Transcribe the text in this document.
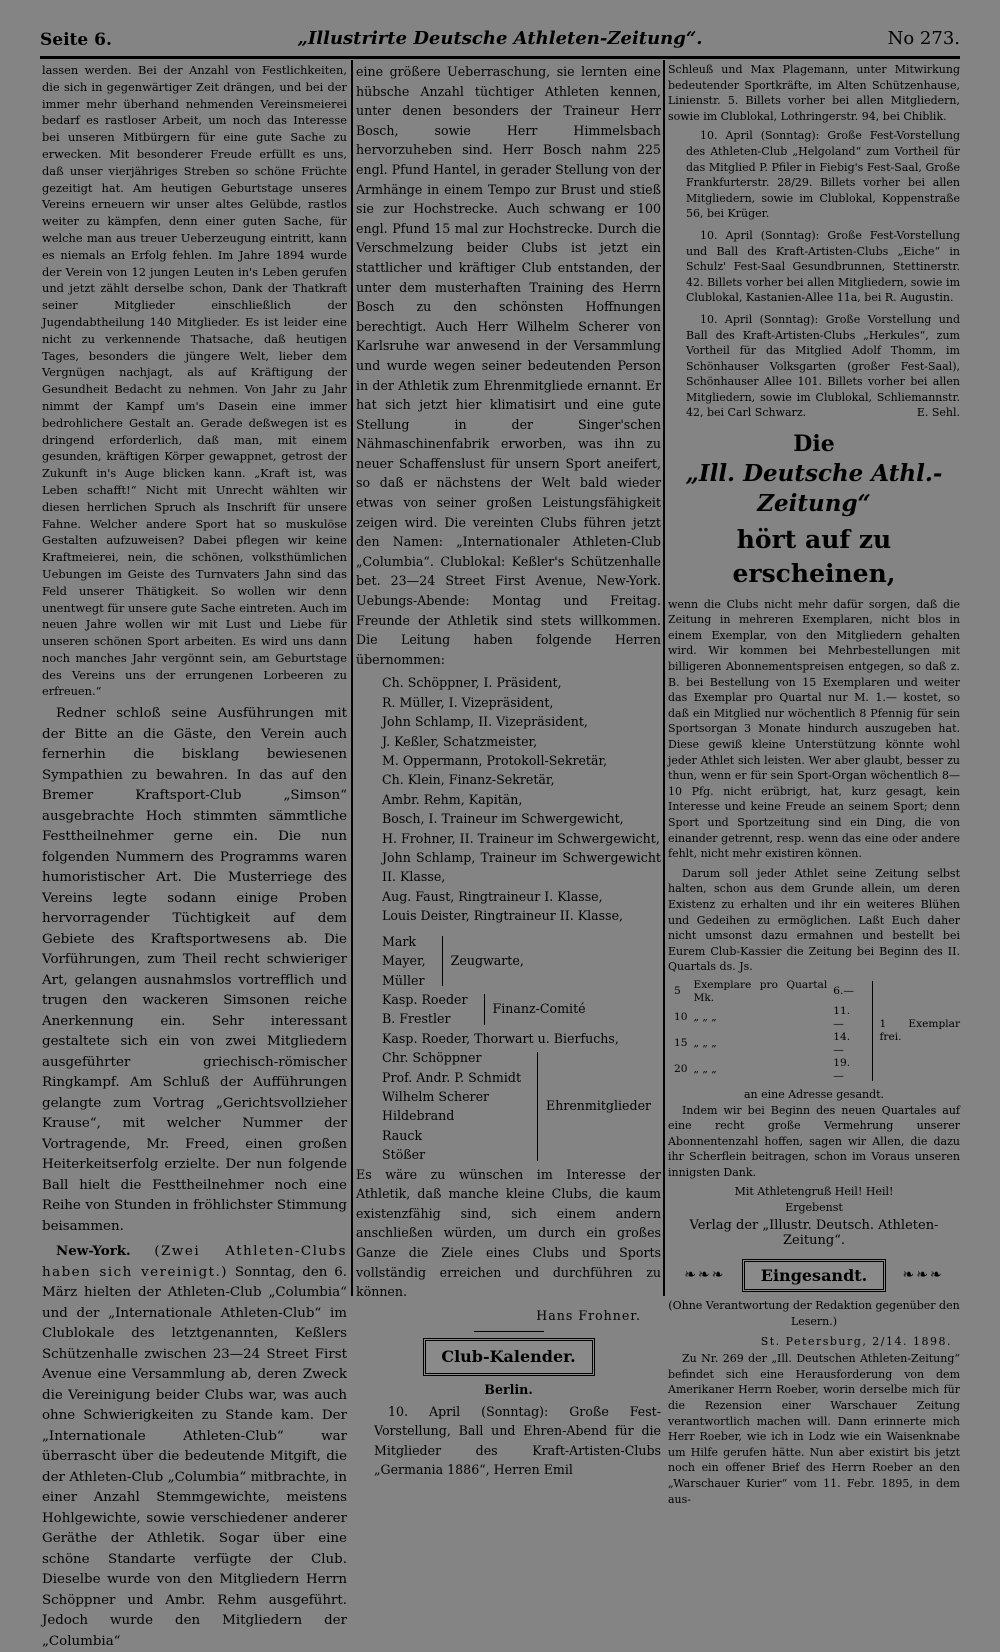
Seite 6.	„Illustrirte Deutsche Athleten-Zeitung“.	No 273.

lassen werden. Bei der Anzahl von Festlichkeiten, die sich in gegenwärtiger Zeit drängen, und bei der immer mehr überhand nehmenden Vereinsmeierei bedarf es rastloser Arbeit, um noch das Interesse bei unseren Mitbürgern für eine gute Sache zu erwecken. Mit besonderer Freude erfüllt es uns, daß unser vierjähriges Streben so schöne Früchte gezeitigt hat. Am heutigen Geburtstage unseres Vereins erneuern wir unser altes Gelübde, rastlos weiter zu kämpfen, denn einer guten Sache, für welche man aus treuer Ueberzeugung eintritt, kann es niemals an Erfolg fehlen. Im Jahre 1894 wurde der Verein von 12 jungen Leuten in's Leben gerufen und jetzt zählt derselbe schon, Dank der Thatkraft seiner Mitglieder einschließlich der Jugendabtheilung 140 Mitglieder. Es ist leider eine nicht zu verkennende Thatsache, daß heutigen Tages, besonders die jüngere Welt, lieber dem Vergnügen nachjagt, als auf Kräftigung der Gesundheit Bedacht zu nehmen. Von Jahr zu Jahr nimmt der Kampf um's Dasein eine immer bedrohlichere Gestalt an. Gerade deßwegen ist es dringend erforderlich, daß man, mit einem gesunden, kräftigen Körper gewappnet, getrost der Zukunft in's Auge blicken kann. „Kraft ist, was Leben schafft!“ Nicht mit Unrecht wählten wir diesen herrlichen Spruch als Inschrift für unsere Fahne. Welcher andere Sport hat so muskulöse Gestalten aufzuweisen? Dabei pflegen wir keine Kraftmeierei, nein, die schönen, volksthümlichen Uebungen im Geiste des Turnvaters Jahn sind das Feld unserer Thätigkeit. So wollen wir denn unentwegt für unsere gute Sache eintreten. Auch im neuen Jahre wollen wir mit Lust und Liebe für unseren schönen Sport arbeiten. Es wird uns dann noch manches Jahr vergönnt sein, am Geburtstage des Vereins uns der errungenen Lorbeeren zu erfreuen.“

Redner schloß seine Ausführungen mit der Bitte an die Gäste, den Verein auch fernerhin die bisklang bewiesenen Sympathien zu bewahren. In das auf den Bremer Kraftsport-Club „Simson“ ausgebrachte Hoch stimmten sämmtliche Festtheilnehmer gerne ein. Die nun folgenden Nummern des Programms waren humoristischer Art. Die Musterriege des Vereins legte sodann einige Proben hervorragender Tüchtigkeit auf dem Gebiete des Kraftsportwesens ab. Die Vorführungen, zum Theil recht schwieriger Art, gelangen ausnahmslos vortrefflich und trugen den wackeren Simsonen reiche Anerkennung ein. Sehr interessant gestaltete sich ein von zwei Mitgliedern ausgeführter griechisch-römischer Ringkampf. Am Schluß der Aufführungen gelangte zum Vortrag „Gerichtsvollzieher Krause“, mit welcher Nummer der Vortragende, Mr. Freed, einen großen Heiterkeitserfolg erzielte. Der nun folgende Ball hielt die Festtheilnehmer noch eine Reihe von Stunden in fröhlichster Stimmung beisammen.

New-York. (Zwei Athleten-Clubs haben sich vereinigt.) Sonntag, den 6. März hielten der Athleten-Club „Columbia“ und der „Internationale Athleten-Club“ im Clublokale des letztgenannten, Keßlers Schützenhalle zwischen 23—24 Street First Avenue eine Versammlung ab, deren Zweck die Vereinigung beider Clubs war, was auch ohne Schwierigkeiten zu Stande kam. Der „Internationale Athleten-Club“ war überrascht über die bedeutende Mitgift, die der Athleten-Club „Columbia“ mitbrachte, in einer Anzahl Stemmgewichte, meistens Hohlgewichte, sowie verschiedener anderer Geräthe der Athletik. Sogar über eine schöne Standarte verfügte der Club. Dieselbe wurde von den Mitgliedern Herrn Schöppner und Ambr. Rehm ausgeführt. Jedoch wurde den Mitgliedern der „Columbia“

eine größere Ueberraschung, sie lernten eine hübsche Anzahl tüchtiger Athleten kennen, unter denen besonders der Traineur Herr Bosch, sowie Herr Himmelsbach hervorzuheben sind. Herr Bosch nahm 225 engl. Pfund Hantel, in gerader Stellung von der Armhänge in einem Tempo zur Brust und stieß sie zur Hochstrecke. Auch schwang er 100 engl. Pfund 15 mal zur Hochstrecke. Durch die Verschmelzung beider Clubs ist jetzt ein stattlicher und kräftiger Club entstanden, der unter dem musterhaften Training des Herrn Bosch zu den schönsten Hoffnungen berechtigt. Auch Herr Wilhelm Scherer von Karlsruhe war anwesend in der Versammlung und wurde wegen seiner bedeutenden Person in der Athletik zum Ehrenmitgliede ernannt. Er hat sich jetzt hier klimatisirt und eine gute Stellung in der Singer'schen Nähmaschinenfabrik erworben, was ihn zu neuer Schaffenslust für unsern Sport aneifert, so daß er nächstens der Welt bald wieder etwas von seiner großen Leistungsfähigkeit zeigen wird. Die vereinten Clubs führen jetzt den Namen: „Internationaler Athleten-Club „Columbia“. Clublokal: Keßler's Schützenhalle bet. 23—24 Street First Avenue, New-York. Uebungs-Abende: Montag und Freitag. Freunde der Athletik sind stets willkommen. Die Leitung haben folgende Herren übernommen:

Ch. Schöppner, I. Präsident,
R. Müller, I. Vizepräsident,
John Schlamp, II. Vizepräsident,
J. Keßler, Schatzmeister,
M. Oppermann, Protokoll-Sekretär,
Ch. Klein, Finanz-Sekretär,
Ambr. Rehm, Kapitän,
Bosch, I. Traineur im Schwergewicht,
H. Frohner, II. Traineur im Schwergewicht,
John Schlamp, Traineur im Schwergewicht II. Klasse,
Aug. Faust, Ringtraineur I. Klasse,
Louis Deister, Ringtraineur II. Klasse,
Mark
Mayer,
Müller
Zeugwarte,
Kasp. Roeder
B. Frestler
Finanz-Comité
Kasp. Roeder, Thorwart u. Bierfuchs,
Chr. Schöppner
Prof. Andr. P. Schmidt
Wilhelm Scherer
Hildebrand
Rauck
Stößer
Ehrenmitglieder

Es wäre zu wünschen im Interesse der Athletik, daß manche kleine Clubs, die kaum existenzfähig sind, sich einem andern anschließen würden, um durch ein großes Ganze die Ziele eines Clubs und Sports vollständig erreichen und durchführen zu können.

Hans Frohner.
Club-Kalender.
Berlin.

10. April (Sonntag): Große Fest-Vorstellung, Ball und Ehren-Abend für die Mitglieder des Kraft-Artisten-Clubs „Germania 1886“, Herren Emil

Schleuß und Max Plagemann, unter Mitwirkung bedeutender Sportkräfte, im Alten Schützenhause, Linienstr. 5. Billets vorher bei allen Mitgliedern, sowie im Clublokal, Lothringerstr. 94, bei Chiblik.

10. April (Sonntag): Große Fest-Vorstellung des Athleten-Club „Helgoland“ zum Vortheil für das Mitglied P. Pfiler in Fiebig's Fest-Saal, Große Frankfurterstr. 28/29. Billets vorher bei allen Mitgliedern, sowie im Clublokal, Koppenstraße 56, bei Krüger.

10. April (Sonntag): Große Fest-Vorstellung und Ball des Kraft-Artisten-Clubs „Eiche“ in Schulz' Fest-Saal Gesundbrunnen, Stettinerstr. 42. Billets vorher bei allen Mitgliedern, sowie im Clublokal, Kastanien-Allee 11a, bei R. Augustin.

10. April (Sonntag): Große Vorstellung und Ball des Kraft-Artisten-Clubs „Herkules“, zum Vortheil für das Mitglied Adolf Thomm, im Schönhauser Volksgarten (großer Fest-Saal), Schönhauser Allee 101. Billets vorher bei allen Mitgliedern, sowie im Clublokal, Schliemannstr. 42, bei Carl Schwarz.	E. Sehl.

Die
„Ill. Deutsche Athl.-Zeitung“
hört auf zu erscheinen,

wenn die Clubs nicht mehr dafür sorgen, daß die Zeitung in mehreren Exemplaren, nicht blos in einem Exemplar, von den Mitgliedern gehalten wird. Wir kommen bei Mehrbestellungen mit billigeren Abonnementspreisen entgegen, so daß z. B. bei Bestellung von 15 Exemplaren und weiter das Exemplar pro Quartal nur M. 1.— kostet, so daß ein Mitglied nur wöchentlich 8 Pfennig für sein Sportsorgan 3 Monate hindurch auszugeben hat. Diese gewiß kleine Unterstützung könnte wohl jeder Athlet sich leisten. Wer aber glaubt, besser zu thun, wenn er für sein Sport-Organ wöchentlich 8—10 Pfg. nicht erübrigt, hat, kurz gesagt, kein Interesse und keine Freude an seinem Sport; denn Sport und Sportzeitung sind ein Ding, die von einander getrennt, resp. wenn das eine oder andere fehlt, nicht mehr existiren können.

Darum soll jeder Athlet seine Zeitung selbst halten, schon aus dem Grunde allein, um deren Existenz zu erhalten und ihr ein weiteres Blühen und Gedeihen zu ermöglichen. Laßt Euch daher nicht umsonst dazu ermahnen und bestellt bei Eurem Club-Kassier die Zeitung bei Beginn des II. Quartals ds. Js.

5	Exemplare pro Quartal Mk.	6.—
10	„ „ „	11.—
15	„ „ „	14.—
20	„ „ „	19.—
1 Exemplar frei.
an eine Adresse gesandt.

Indem wir bei Beginn des neuen Quartales auf eine recht große Vermehrung unserer Abonnentenzahl hoffen, sagen wir Allen, die dazu ihr Scherflein beitragen, schon im Voraus unseren innigsten Dank.

Mit Athletengruß Heil! Heil!
Ergebenst
Verlag der „Illustr. Deutsch. Athleten-Zeitung“.
❧❧❧	Eingesandt.	❧❧❧
(Ohne Verantwortung der Redaktion gegenüber den Lesern.)
St. Petersburg, 2/14. 1898.

Zu Nr. 269 der „Ill. Deutschen Athleten-Zeitung“ befindet sich eine Herausforderung von dem Amerikaner Herrn Roeber, worin derselbe mich für die Rezension einer Warschauer Zeitung verantwortlich machen will. Dann erinnerte mich Herr Roeber, wie ich in Lodz wie ein Waisenknabe um Hilfe gerufen hätte. Nun aber existirt bis jetzt noch ein offener Brief des Herrn Roeber an den „Warschauer Kurier“ vom 11. Febr. 1895, in dem aus-
